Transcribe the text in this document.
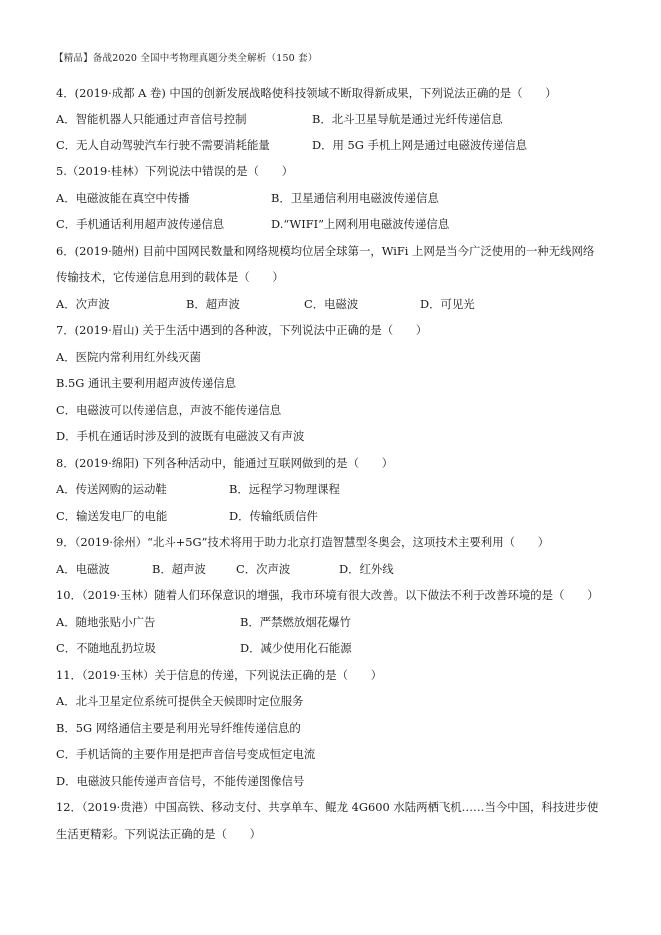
【精品】备战2020 全国中考物理真题分类全解析（150 套）
4．(2019·成都 A 卷) 中国的创新发展战略使科技领域不断取得新成果，下列说法正确的是（　　）
A．智能机器人只能通过声音信号控制	B．北斗卫星导航是通过光纤传递信息
C．无人自动驾驶汽车行驶不需要消耗能量	D．用 5G 手机上网是通过电磁波传递信息
5.（2019·桂林）下列说法中错误的是（　　）
A．电磁波能在真空中传播	B．卫星通信利用电磁波传递信息
C．手机通话利用超声波传递信息	D.“WIFI”上网利用电磁波传递信息
6．(2019·随州) 目前中国网民数量和网络规模均位居全球第一，WiFi 上网是当今广泛使用的一种无线网络
传输技术，它传递信息用到的载体是（　　）
A．次声波	B．超声波	C．电磁波	D．可见光
7．(2019·眉山) 关于生活中遇到的各种波，下列说法中正确的是（　　）
A．医院内常利用红外线灭菌
B.5G 通讯主要利用超声波传递信息
C．电磁波可以传递信息，声波不能传递信息
D．手机在通话时涉及到的波既有电磁波又有声波
8．(2019·绵阳) 下列各种活动中，能通过互联网做到的是（　　）
A．传送网购的运动鞋	B．远程学习物理课程
C．输送发电厂的电能	D．传输纸质信件
9．（2019·徐州）“北斗+5G”技术将用于助力北京打造智慧型冬奥会，这项技术主要利用（　　）
A．电磁波	B．超声波	C．次声波	D．红外线
10．（2019·玉林）随着人们环保意识的增强，我市环境有很大改善。以下做法不利于改善环境的是（　　）
A．随地张贴小广告	B．严禁燃放烟花爆竹
C．不随地乱扔垃圾	D．减少使用化石能源
11．（2019·玉林）关于信息的传递，下列说法正确的是（　　）
A．北斗卫星定位系统可提供全天候即时定位服务
B．5G 网络通信主要是利用光导纤维传递信息的
C．手机话筒的主要作用是把声音信号变成恒定电流
D．电磁波只能传递声音信号，不能传递图像信号
12．（2019·贵港）中国高铁、移动支付、共享单车、鲲龙 4G600 水陆两栖飞机……当今中国，科技进步使
生活更精彩。下列说法正确的是（　　）
